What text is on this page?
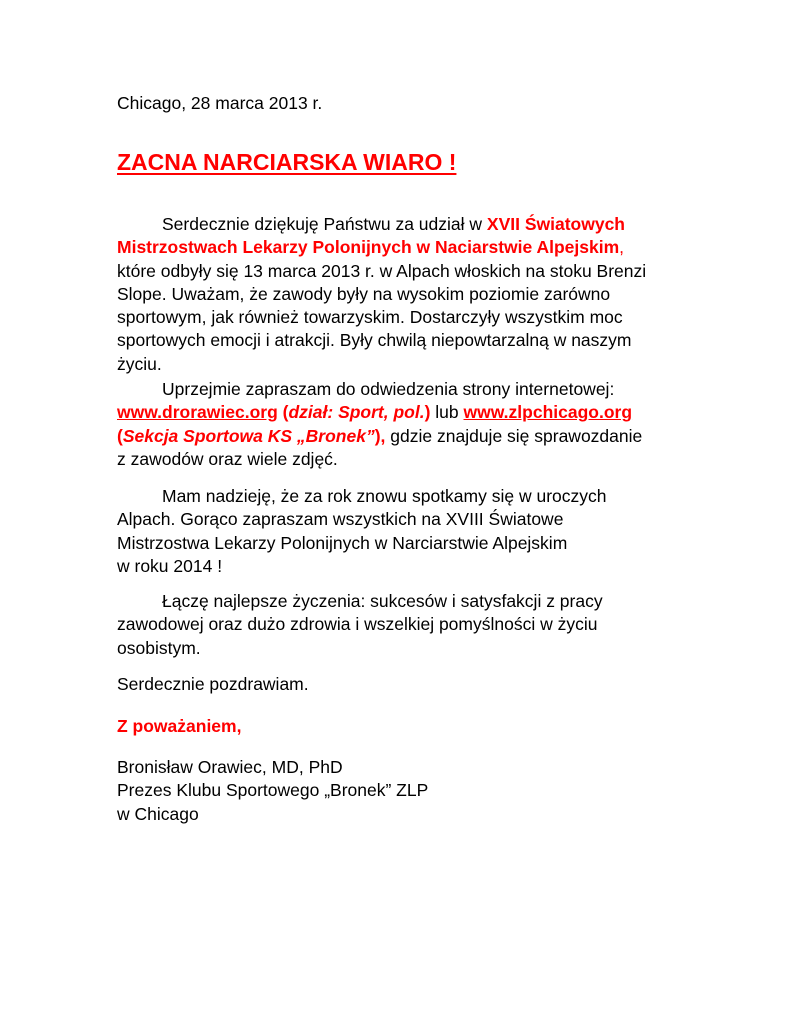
Chicago, 28 marca 2013 r.
ZACNA NARCIARSKA WIARO !
Serdecznie dziękuję Państwu za udział w XVII Światowych
Mistrzostwach Lekarzy Polonijnych w Naciarstwie Alpejskim,
które odbyły się 13 marca 2013 r. w Alpach włoskich na stoku Brenzi
Slope. Uważam, że zawody były na wysokim poziomie zarówno
sportowym, jak również towarzyskim. Dostarczyły wszystkim moc
sportowych emocji i atrakcji. Były chwilą niepowtarzalną w naszym
życiu.
Uprzejmie zapraszam do odwiedzenia strony internetowej:
www.drorawiec.org (dział: Sport, pol.) lub www.zlpchicago.org
(Sekcja Sportowa KS „Bronek”), gdzie znajduje się sprawozdanie
z zawodów oraz wiele zdjęć.
Mam nadzieję, że za rok znowu spotkamy się w uroczych
Alpach. Gorąco zapraszam wszystkich na XVIII Światowe
Mistrzostwa Lekarzy Polonijnych w Narciarstwie Alpejskim
w roku 2014 !
Łączę najlepsze życzenia: sukcesów i satysfakcji z pracy
zawodowej oraz dużo zdrowia i wszelkiej pomyślności w życiu
osobistym.
Serdecznie pozdrawiam.
Z poważaniem,
Bronisław Orawiec, MD, PhD
Prezes Klubu Sportowego „Bronek” ZLP
w Chicago
